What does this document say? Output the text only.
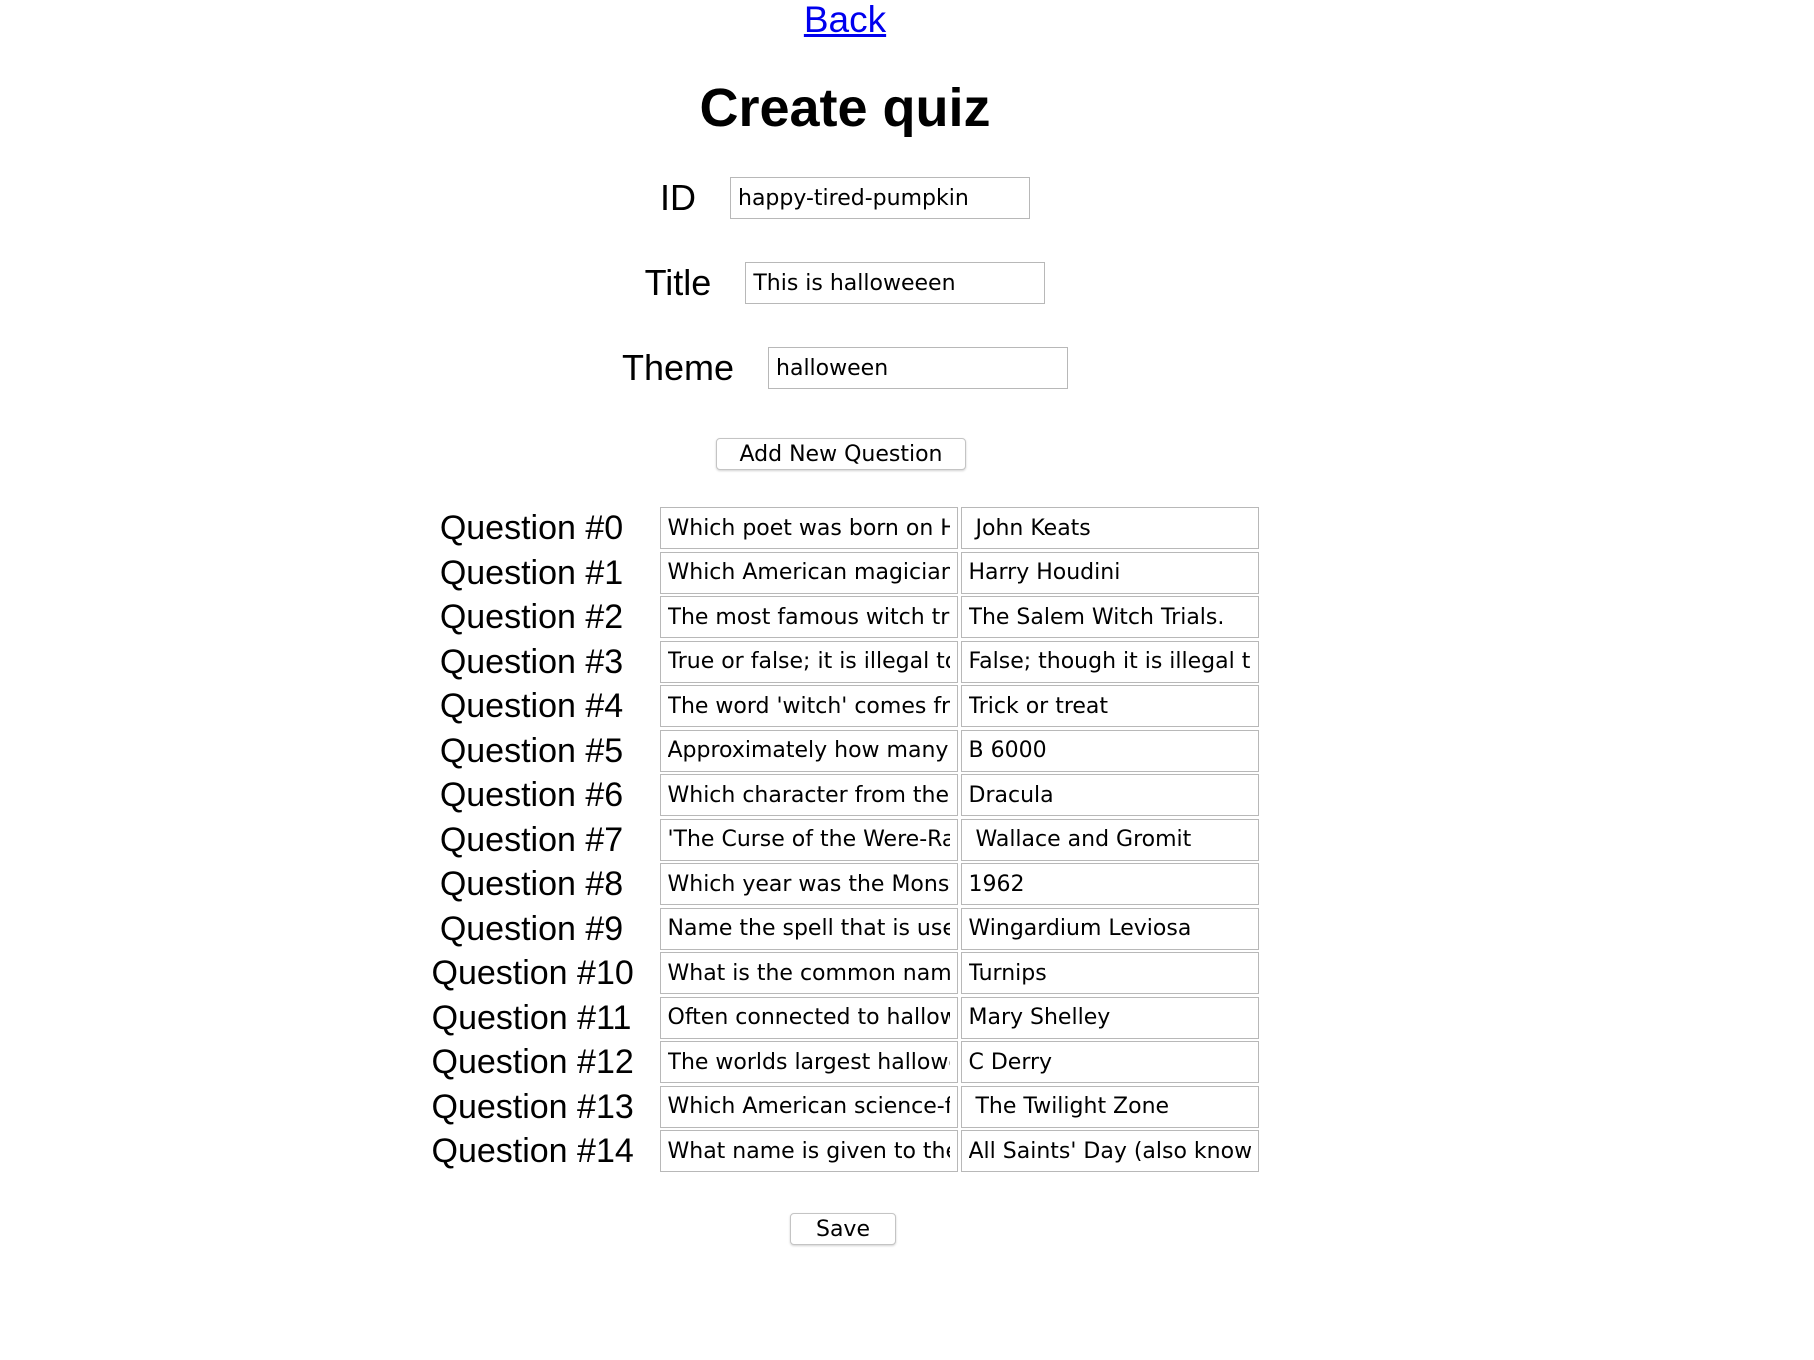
Back
Create quiz
ID
happy-tired-pumpkin
Title
This is halloweeen
Theme
halloween
Add New Question
Question #0
Which poet was born on Ha
John Keats
Question #1
Which American magician a
Harry Houdini
Question #2
The most famous witch tria
The Salem Witch Trials.
Question #3
True or false; it is illegal to
False; though it is illegal to
Question #4
The word 'witch' comes fro
Trick or treat
Question #5
Approximately how many ye
B 6000
Question #6
Which character from the p
Dracula
Question #7
'The Curse of the Were-Ral
Wallace and Gromit
Question #8
Which year was the Monste
1962
Question #9
Name the spell that is used
Wingardium Leviosa
Question #10
What is the common name
Turnips
Question #11
Often connected to hallowe
Mary Shelley
Question #12
The worlds largest hallowee
C Derry
Question #13
Which American science-fi
The Twilight Zone
Question #14
What name is given to the c
All Saints' Day (also known
Save
